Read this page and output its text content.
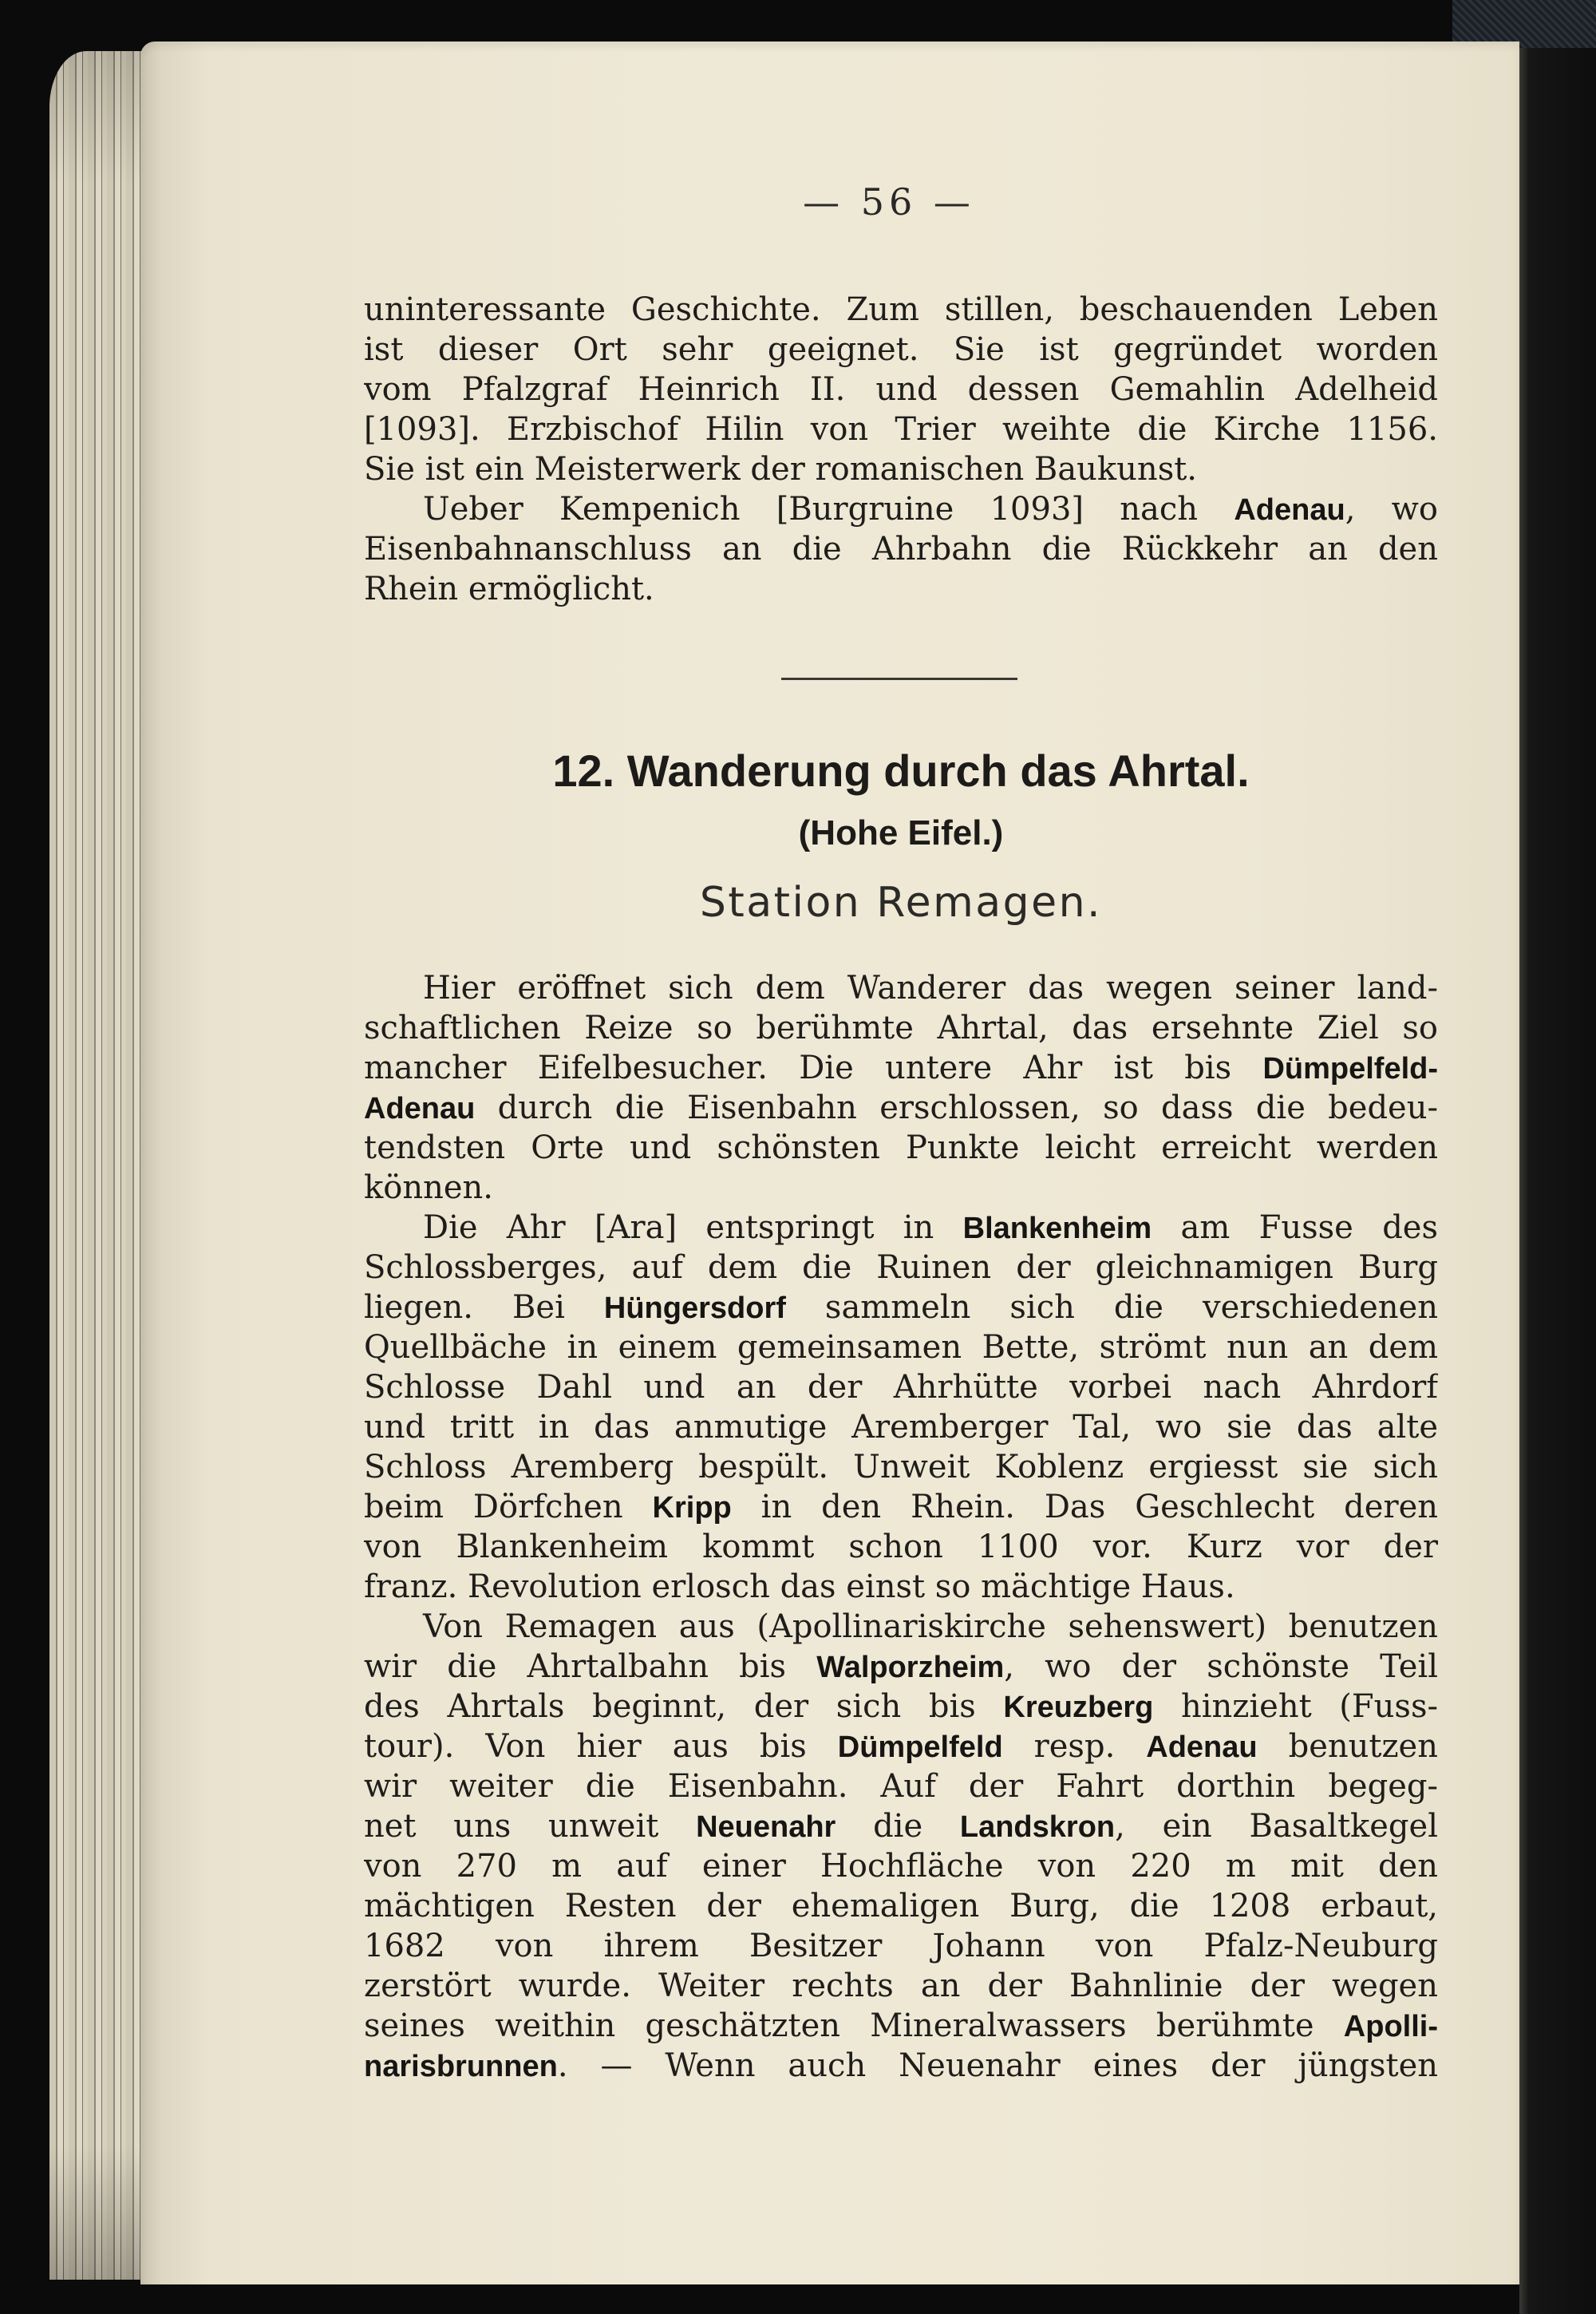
— 56 —
uninteressante Geschichte. Zum stillen, beschauenden Leben
ist dieser Ort sehr geeignet. Sie ist gegründet worden
vom Pfalzgraf Heinrich II. und dessen Gemahlin Adelheid
[1093]. Erzbischof Hilin von Trier weihte die Kirche 1156.
Sie ist ein Meisterwerk der romanischen Baukunst.
Ueber Kempenich [Burgruine 1093] nach Adenau, wo
Eisenbahnanschluss an die Ahrbahn die Rückkehr an den
Rhein ermöglicht.
12. Wanderung durch das Ahrtal.
(Hohe Eifel.)
Station Remagen.
Hier eröffnet sich dem Wanderer das wegen seiner land-
schaftlichen Reize so berühmte Ahrtal, das ersehnte Ziel so
mancher Eifelbesucher. Die untere Ahr ist bis Dümpelfeld-
Adenau durch die Eisenbahn erschlossen, so dass die bedeu-
tendsten Orte und schönsten Punkte leicht erreicht werden
können.
Die Ahr [Ara] entspringt in Blankenheim am Fusse des
Schlossberges, auf dem die Ruinen der gleichnamigen Burg
liegen. Bei Hüngersdorf sammeln sich die verschiedenen
Quellbäche in einem gemeinsamen Bette, strömt nun an dem
Schlosse Dahl und an der Ahrhütte vorbei nach Ahrdorf
und tritt in das anmutige Aremberger Tal, wo sie das alte
Schloss Aremberg bespült. Unweit Koblenz ergiesst sie sich
beim Dörfchen Kripp in den Rhein. Das Geschlecht deren
von Blankenheim kommt schon 1100 vor. Kurz vor der
franz. Revolution erlosch das einst so mächtige Haus.
Von Remagen aus (Apollinariskirche sehenswert) benutzen
wir die Ahrtalbahn bis Walporzheim, wo der schönste Teil
des Ahrtals beginnt, der sich bis Kreuzberg hinzieht (Fuss-
tour). Von hier aus bis Dümpelfeld resp. Adenau benutzen
wir weiter die Eisenbahn. Auf der Fahrt dorthin begeg-
net uns unweit Neuenahr die Landskron, ein Basaltkegel
von 270 m auf einer Hochfläche von 220 m mit den
mächtigen Resten der ehemaligen Burg, die 1208 erbaut,
1682 von ihrem Besitzer Johann von Pfalz-Neuburg
zerstört wurde. Weiter rechts an der Bahnlinie der wegen
seines weithin geschätzten Mineralwassers berühmte Apolli-
narisbrunnen. — Wenn auch Neuenahr eines der jüngsten
